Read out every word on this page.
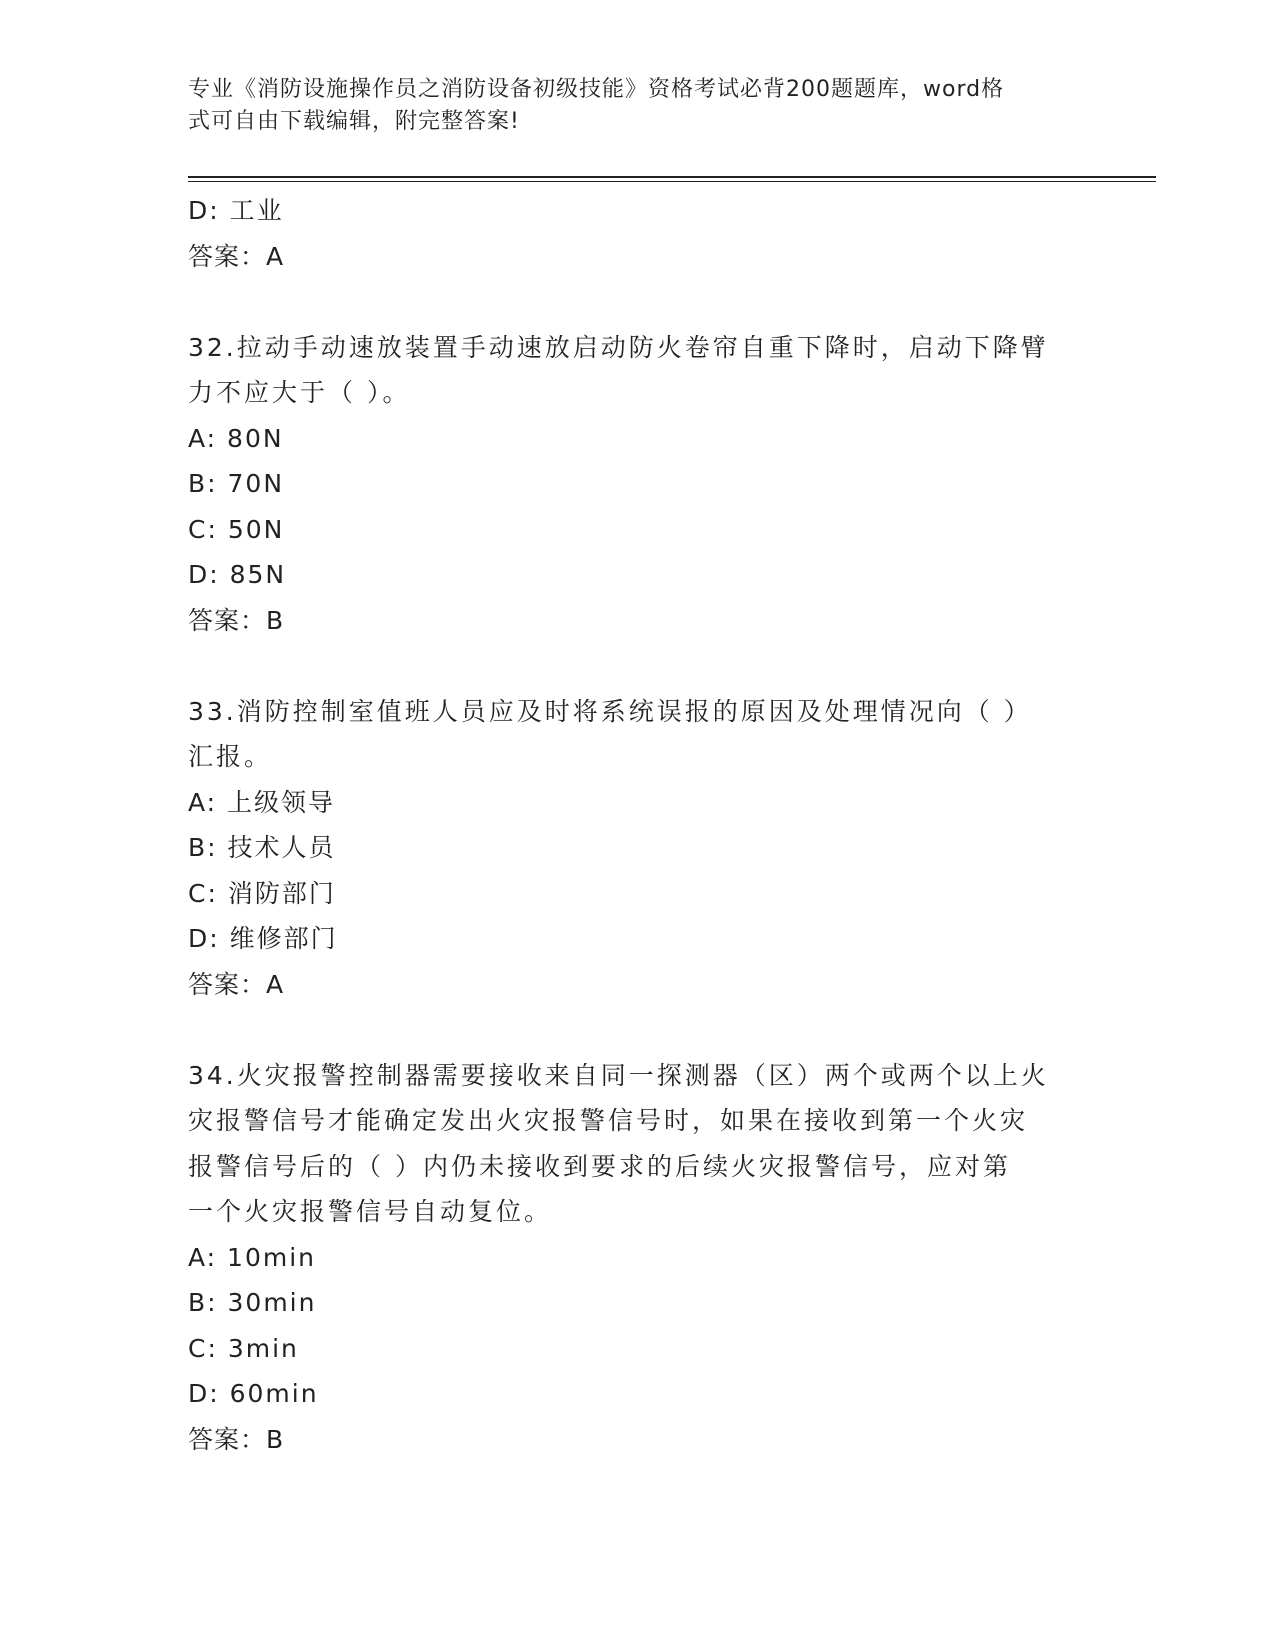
专业《消防设施操作员之消防设备初级技能》资格考试必背200题题库，word格
式可自由下载编辑，附完整答案!
D: 工业
答案：A
32.拉动手动速放装置手动速放启动防火卷帘自重下降时，启动下降臂
力不应大于（ ）。
A: 80N
B: 70N
C: 50N
D: 85N
答案：B
33.消防控制室值班人员应及时将系统误报的原因及处理情况向（ ）
汇报。
A: 上级领导
B: 技术人员
C: 消防部门
D: 维修部门
答案：A
34.火灾报警控制器需要接收来自同一探测器（区）两个或两个以上火
灾报警信号才能确定发出火灾报警信号时，如果在接收到第一个火灾
报警信号后的（ ）内仍未接收到要求的后续火灾报警信号，应对第
一个火灾报警信号自动复位。
A: 10min
B: 30min
C: 3min
D: 60min
答案：B
